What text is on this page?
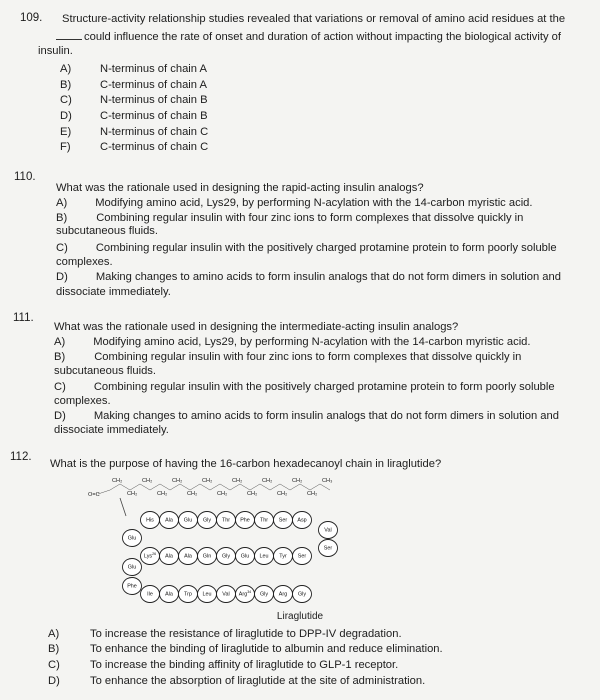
109. Structure-activity relationship studies revealed that variations or removal of amino acid residues at the
could influence the rate of onset and duration of action without impacting the biological activity of
insulin.
A)	N-terminus of chain A
B)	C-terminus of chain A
C)	N-terminus of chain B
D)	C-terminus of chain B
E)	N-terminus of chain C
F)	C-terminus of chain C
110.
What was the rationale used in designing the rapid-acting insulin analogs?
A)	Modifying amino acid, Lys29, by performing N-acylation with the 14-carbon myristic acid.
B)	Combining regular insulin with four zinc ions to form complexes that dissolve quickly in
subcutaneous fluids.
C)	Combining regular insulin with the positively charged protamine protein to form poorly soluble
complexes.
D)	Making changes to amino acids to form insulin analogs that do not form dimers in solution and
dissociate immediately.
111.
What was the rationale used in designing the intermediate-acting insulin analogs?
A)	Modifying amino acid, Lys29, by performing N-acylation with the 14-carbon myristic acid.
B)	Combining regular insulin with four zinc ions to form complexes that dissolve quickly in
subcutaneous fluids.
C)	Combining regular insulin with the positively charged protamine protein to form poorly soluble
complexes.
D)	Making changes to amino acids to form insulin analogs that do not form dimers in solution and
dissociate immediately.
112.
What is the purpose of having the 16-carbon hexadecanoyl chain in liraglutide?
O=C
CH₂
CH₂
CH₂
CH₂
CH₂
CH₂
CH₂
CH₂
CH₂
CH₂
CH₂
CH₂
CH₂
CH₂
CH₃
His Ala Glu Gly Thr Phe Thr Ser Asp
Val
Ser
Glu
Glu
Phe
Lys$^{26}$ Ala Ala Gln Gly Glu Leu Tyr Ser
Ile Ala Trp Leu Val Arg$^{34}$ Gly Arg Gly
Liraglutide
A)	To increase the resistance of liraglutide to DPP-IV degradation.
B)	To enhance the binding of liraglutide to albumin and reduce elimination.
C)	To increase the binding affinity of liraglutide to GLP-1 receptor.
D)	To enhance the absorption of liraglutide at the site of administration.
